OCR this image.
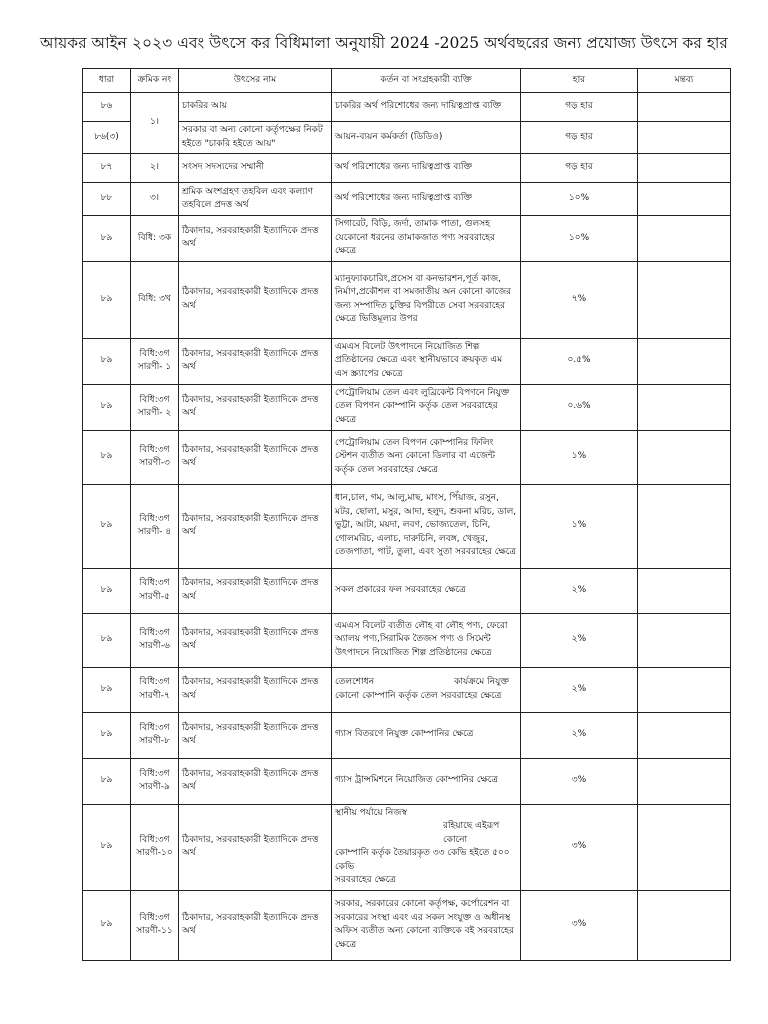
আয়কর আইন ২০২৩ এবং উৎসে কর বিধিমালা অনুযায়ী 2024 -2025 অর্থবছরের জন্য প্রযোজ্য উৎসে কর হার
ধারা	ক্রমিক নং	উৎসের নাম	কর্তন বা সংগ্রহকারী ব্যক্তি	হার	মন্তব্য
৮৬	১।	চাকরির আয়	চাকরির অর্থ পরিশোধের জন্য দায়িত্বপ্রাপ্ত ব্যক্তি	গড় হার	
৮৬(৩)		সরকার বা অন্য কোনো কর্তৃপক্ষের নিকট হইতে "চাকরি হইতে আয়"	আয়ন-ব্যয়ন কর্মকর্তা (ডিডিও)	গড় হার	
৮৭	২।	সংসদ সদস্যদের সম্মানী	অর্থ পরিশোধের জন্য দায়িত্বপ্রাপ্ত ব্যক্তি	গড় হার	
৮৮	৩।	শ্রমিক অংশগ্রহণ তহবিল এবং কল্যাণ তহবিলে প্রদত্ত অর্থ	অর্থ পরিশোধের জন্য দায়িত্বপ্রাপ্ত ব্যক্তি	১০%	
৮৯	বিধি: ৩ক	ঠিকাদার, সরবরাহকারী ইত্যাদিকে প্রদত্ত অর্থ	সিগারেট, বিড়ি, জর্দা, তামাক পাতা, গুলসহ যেকোনো ধরনের তামাকজাত পণ্য সরবরাহের ক্ষেত্রে	১০%	
৮৯	বিধি: ৩খ	ঠিকাদার, সরবরাহকারী ইত্যাদিকে প্রদত্ত অর্থ	ম্যানুফ্যাকচারিং,প্রসেস বা কনভারশন,পূর্ত কাজ, নির্মাণ,প্রকৌশল বা সমজাতীয় অন কোনো কাজের জন্য সম্পাদিত চুক্তির বিপরীতে সেবা সরবরাহের ক্ষেত্রে ভিত্তিমূল্যর উপর	৭%	
৮৯	বিধি:৩গ সারণী- ১	ঠিকাদার, সরবরাহকারী ইত্যাদিকে প্রদত্ত অর্থ	এমএস বিলেট উৎপাদনে নিয়োজিত শিল্প প্রতিষ্ঠানের ক্ষেত্রে এবং স্থানীয়ভাবে ক্রয়কৃত এম এস স্ক্র্যাপের ক্ষেত্রে	০.৫%	
৮৯	বিধি:৩গ সারণী- ২	ঠিকাদার, সরবরাহকারী ইত্যাদিকে প্রদত্ত অর্থ	পেট্রোলিয়াম তেল এবং লুব্রিকেন্ট বিপণনে নিযুক্ত তেল বিপণন কোম্পানি কর্তৃক তেল সরবরাহের ক্ষেত্রে	০.৬%	
৮৯	বিধি:৩গ সারণী-৩	ঠিকাদার, সরবরাহকারী ইত্যাদিকে প্রদত্ত অর্থ	পেট্রোলিয়াম তেল বিপণন কোম্পানির ফিলিং স্টেশন ব্যতীত অন্য কোনো ডিলার বা এজেন্ট কর্তৃক তেল সরবরাহের ক্ষেত্রে	১%	
৮৯	বিধি:৩গ সারণী- ৪	ঠিকাদার, সরবরাহকারী ইত্যাদিকে প্রদত্ত অর্থ	ধান,চাল, গম, আলু,মাছ, মাংস, পিঁয়াজ, রসুন, মটর, ছোলা, মসুর, আদা, হলুদ, শুকনা মরিচ, ডাল, ভুট্টা, আটা, ময়দা, লবণ, ভোজ্যতেল, চিনি, গোলমরিচ, এলাচ, দারুচিনি, লবঙ্গ, খেজুর, তেজপাতা, পাট, তুলা, এবং সুতা সরবরাহের ক্ষেত্রে	১%	
৮৯	বিধি:৩গ সারণী-৫	ঠিকাদার, সরবরাহকারী ইত্যাদিকে প্রদত্ত অর্থ	সকল প্রকারের ফল সরবরাহের ক্ষেত্রে	২%	
৮৯	বিধি:৩গ সারণী-৬	ঠিকাদার, সরবরাহকারী ইত্যাদিকে প্রদত্ত অর্থ	এমএস বিলেট ব্যতীত লৌহ বা লৌহ পণ্য, ফেরো অ্যালয় পণ্য,সিরামিক তৈজস পণ্য ও সিমেন্ট উৎপাদনে নিয়োজিত শিল্প প্রতিষ্ঠানের ক্ষেত্রে	২%	
৮৯	বিধি:৩গ সারণী-৭	ঠিকাদার, সরবরাহকারী ইত্যাদিকে প্রদত্ত অর্থ	তেলশোধন কার্যক্রমে নিযুক্ত
কোনো কোম্পানি কর্তৃক তেল সরবরাহের ক্ষেত্রে	২%	
৮৯	বিধি:৩গ সারণী-৮	ঠিকাদার, সরবরাহকারী ইত্যাদিকে প্রদত্ত অর্থ	গ্যাস বিতরণে নিযুক্ত কোম্পানির ক্ষেত্রে	২%	
৮৯	বিধি:৩গ সারণী-৯	ঠিকাদার, সরবরাহকারী ইত্যাদিকে প্রদত্ত অর্থ	গ্যাস ট্রান্সমিশনে নিয়োজিত কোম্পানির ক্ষেত্রে	৩%	
৮৯	বিধি:৩গ সারণী-১০	ঠিকাদার, সরবরাহকারী ইত্যাদিকে প্রদত্ত অর্থ	স্থানীয় পর্যায়ে নিজস্ব
রহিয়াছে এইরূপ কোনো
কোম্পানি কর্তৃক তৈয়ারকৃত ৩৩ কেভি হইতে ৫০০ কেভি
সরবরাহের ক্ষেত্রে	৩%	
৮৯	বিধি:৩গ সারণী-১১	ঠিকাদার, সরবরাহকারী ইত্যাদিকে প্রদত্ত অর্থ	সরকার, সরকারের কোনো কর্তৃপক্ষ, কর্পোরেশন বা সরকারের সংস্থা এবং এর সকল সংযুক্ত ও অধীনস্থ অফিস ব্যতীত অন্য কোনো ব্যক্তিকে বই সরবরাহের ক্ষেত্রে	৩%	
